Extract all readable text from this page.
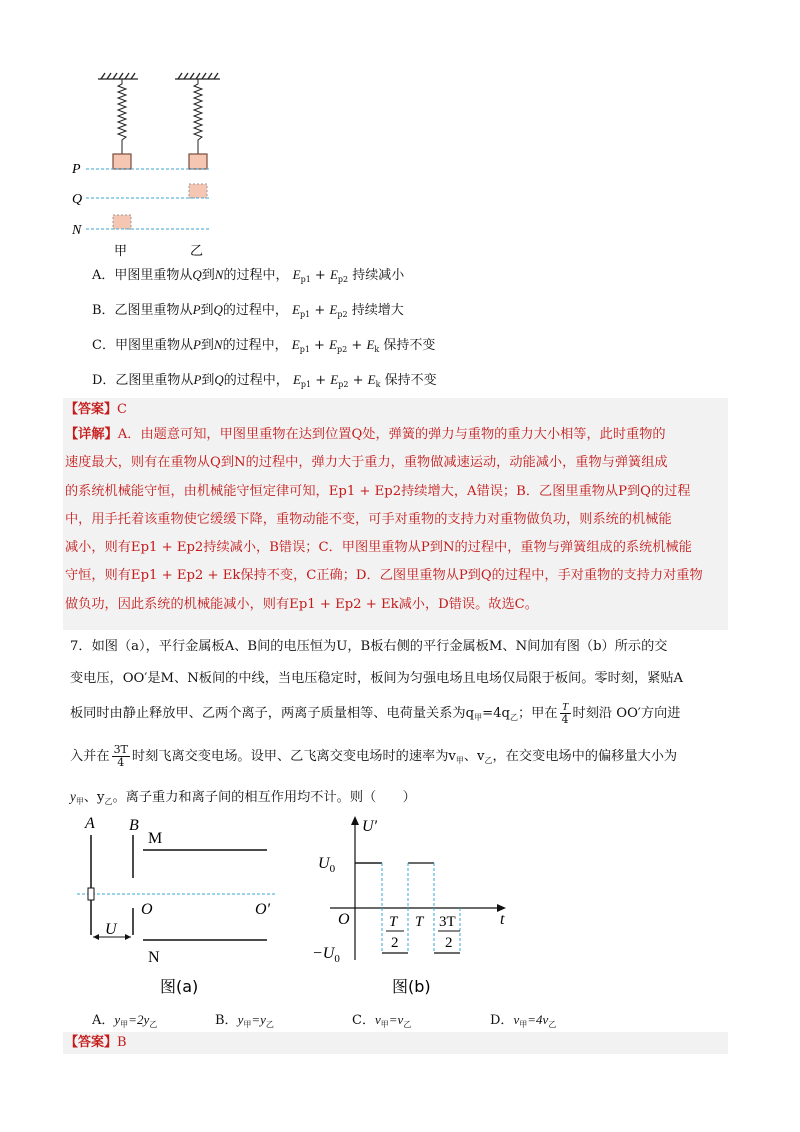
P
Q
N
甲	乙
A．甲图里重物从Q到N的过程中， $E_{p1} + E_{p2}$ 持续减小
B．乙图里重物从P到Q的过程中， $E_{p1} + E_{p2}$ 持续增大
C．甲图里重物从P到N的过程中， $E_{p1} + E_{p2} + E_k$ 保持不变
D．乙图里重物从P到Q的过程中， $E_{p1} + E_{p2} + E_k$ 保持不变
【答案】C
【详解】A．由题意可知，甲图里重物在达到位置Q处，弹簧的弹力与重物的重力大小相等，此时重物的
速度最大，则有在重物从Q到N的过程中，弹力大于重力，重物做减速运动，动能减小，重物与弹簧组成
的系统机械能守恒，由机械能守恒定律可知，Ep1 + Ep2持续增大，A错误；B．乙图里重物从P到Q的过程
中，用手托着该重物使它缓缓下降，重物动能不变，可手对重物的支持力对重物做负功，则系统的机械能
减小，则有Ep1 + Ep2持续减小，B错误；C．甲图里重物从P到N的过程中，重物与弹簧组成的系统机械能
守恒，则有Ep1 + Ep2 + Ek保持不变，C正确；D．乙图里重物从P到Q的过程中，手对重物的支持力对重物
做负功，因此系统的机械能减小，则有Ep1 + Ep2 + Ek减小，D错误。故选C。
7．如图（a），平行金属板A、B间的电压恒为U，B板右侧的平行金属板M、N间加有图（b）所示的交
变电压，OO′是M、N板间的中线，当电压稳定时，板间为匀强电场且电场仅局限于板间。零时刻，紧贴A
板同时由静止释放甲、乙两个离子，两离子质量相等、电荷量关系为$q_甲=4q_乙$；甲在 $\frac{T}{4}$ 时刻沿 OO′方向进
入并在 $\frac{3T}{4}$ 时刻飞离交变电场。设甲、乙飞离交变电场时的速率为$v_甲$、$v_乙$，在交变电场中的偏移量大小为
$y_甲$、$y_乙$。离子重力和离子间的相互作用均不计。则（　　）
A B
M
N
O	O′
U
图(a)
U′
t
O
$U_0$
$-U_0$
T
2
T 3T
2
图(b)
A．$y_甲=2y_乙$	B．$y_甲=y_乙$	C．$v_甲=v_乙$	D．$v_甲=4v_乙$
【答案】B
